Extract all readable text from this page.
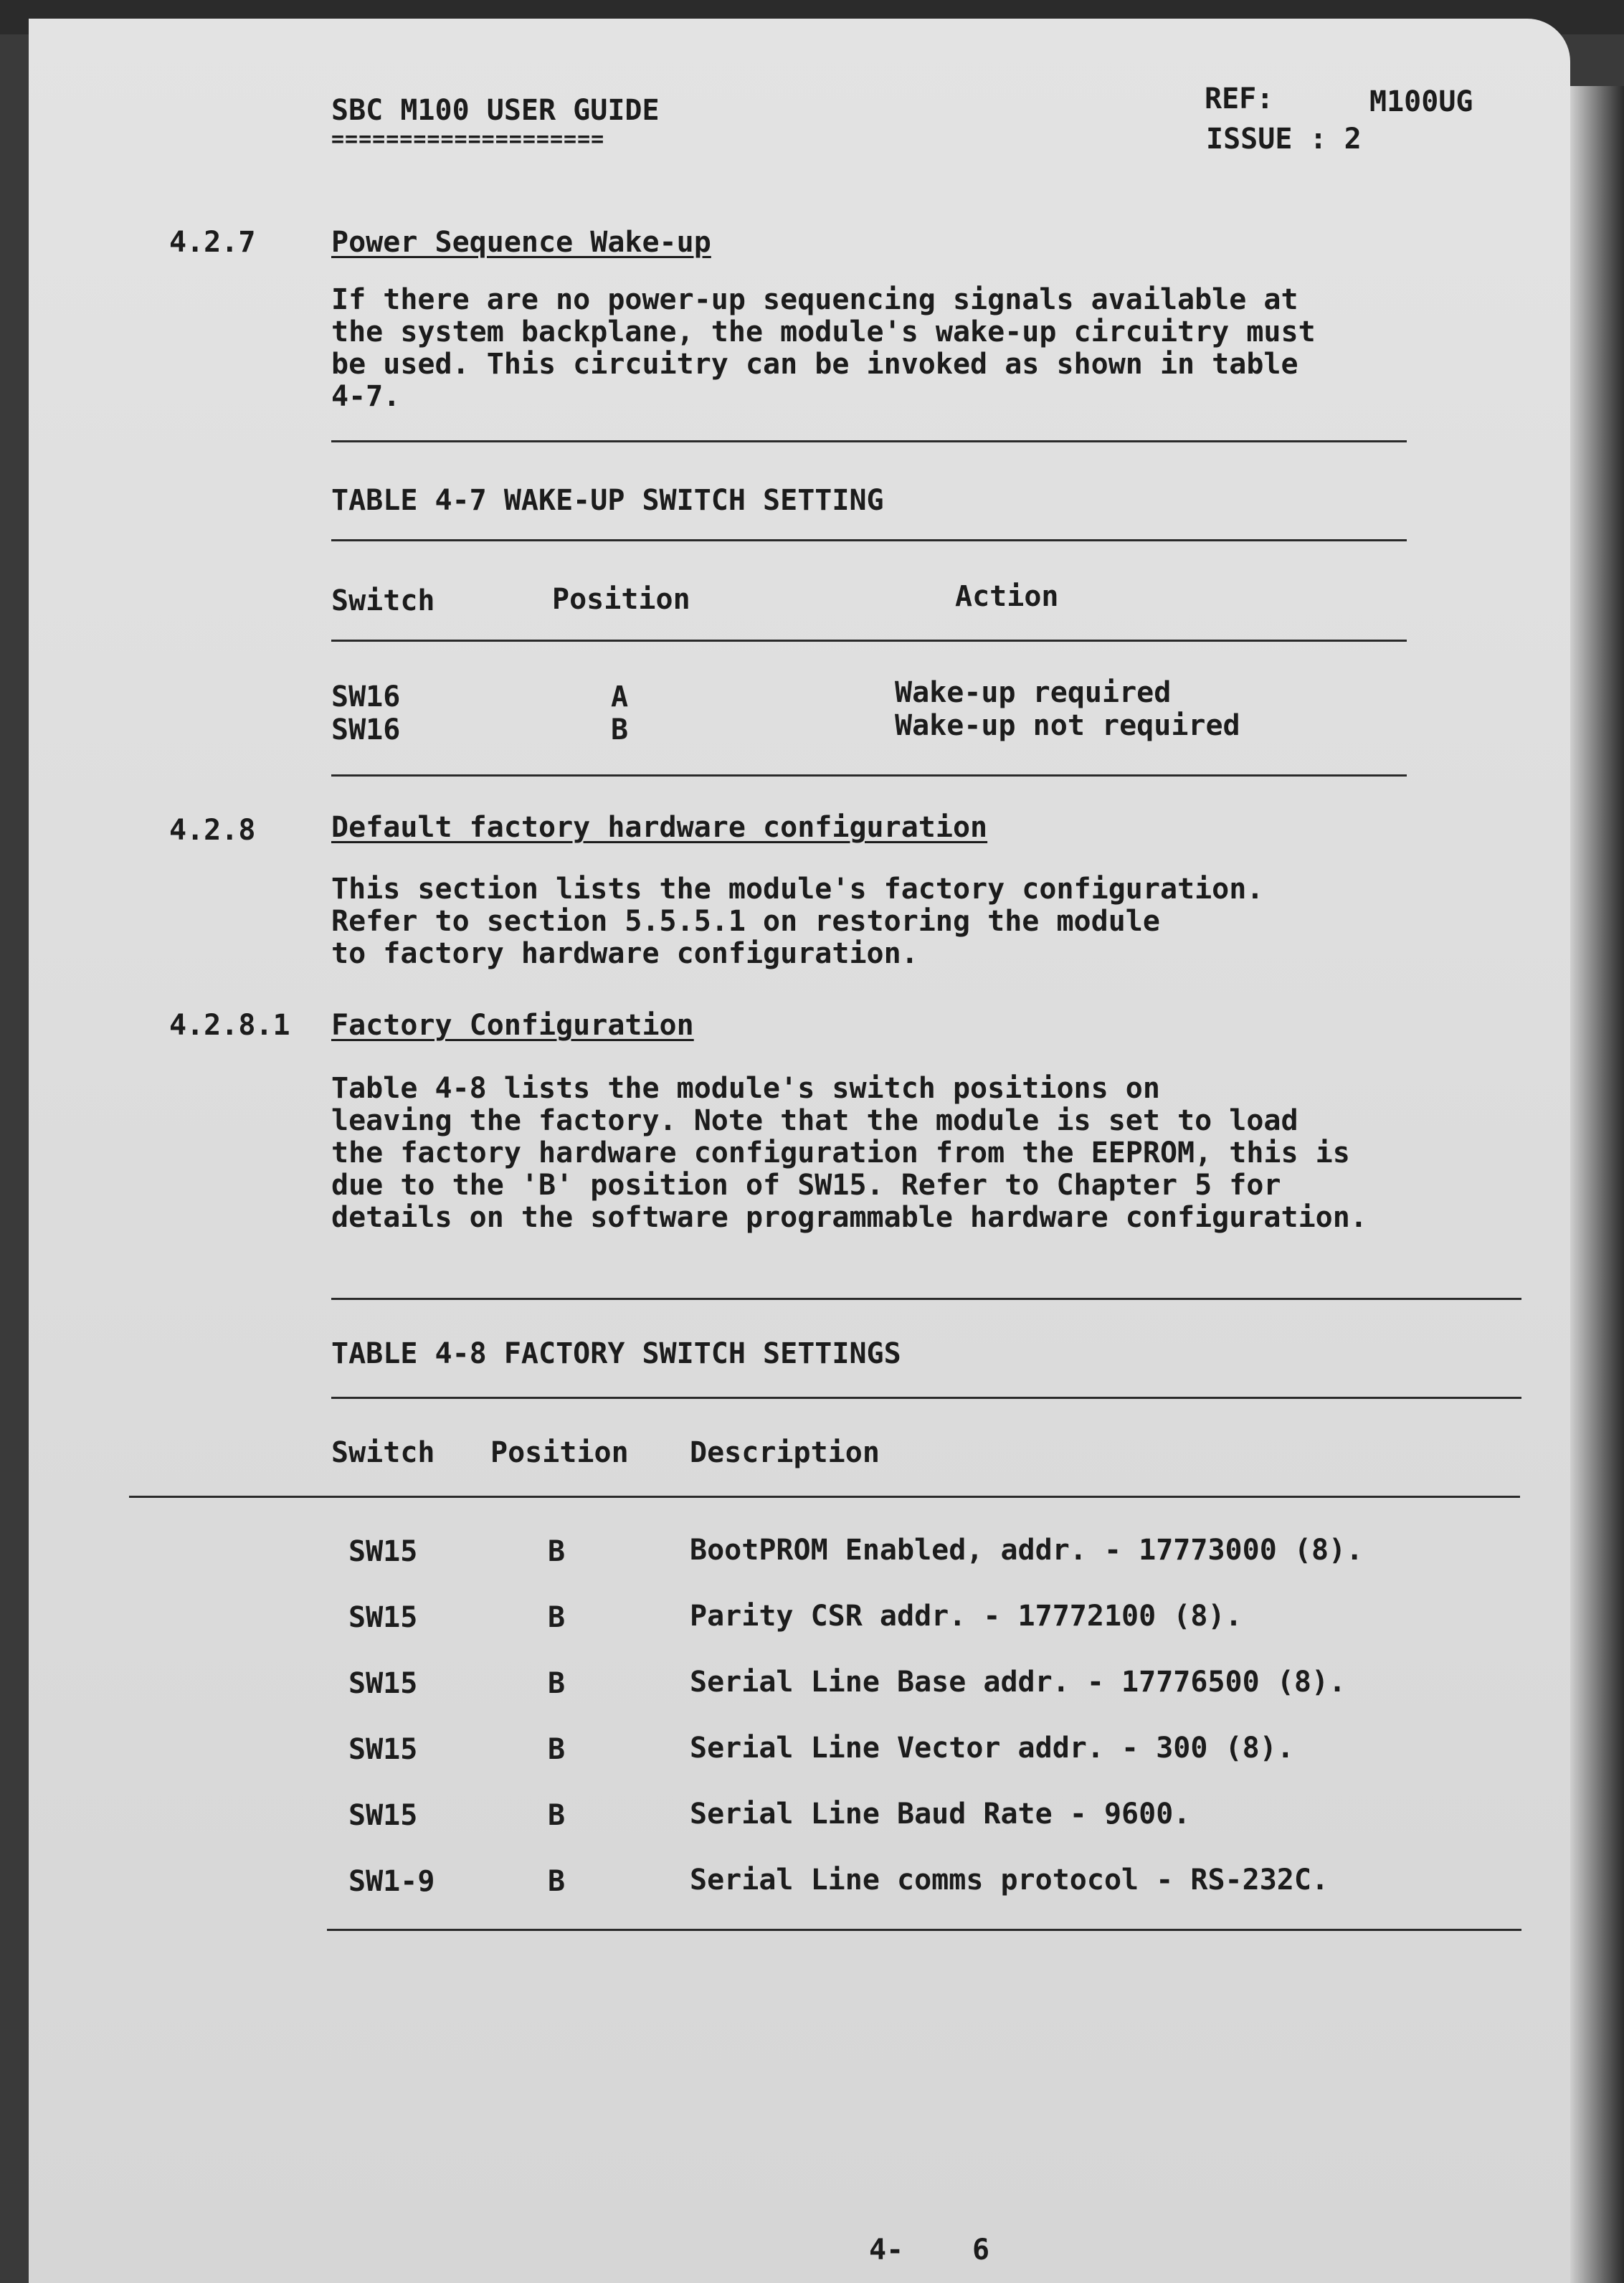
SBC M100 USER GUIDE
====================
REF:	M100UG
ISSUE : 2
4.2.7	Power Sequence Wake-up
If there are no power-up sequencing signals available at
the system backplane, the module's wake-up circuitry must
be used. This circuitry can be invoked as shown in table
4-7.
TABLE 4-7 WAKE-UP SWITCH SETTING
Switch	Position	Action
SW16	A	Wake-up required
SW16	B	Wake-up not required
4.2.8	Default factory hardware configuration
This section lists the module's factory configuration.
Refer to section 5.5.5.1 on restoring the module
to factory hardware configuration.
4.2.8.1 Factory Configuration
Table 4-8 lists the module's switch positions on
leaving the factory. Note that the module is set to load
the factory hardware configuration from the EEPROM, this is
due to the 'B' position of SW15. Refer to Chapter 5 for
details on the software programmable hardware configuration.
TABLE 4-8 FACTORY SWITCH SETTINGS
Switch Position Description
SW15	B	BootPROM Enabled, addr. - 17773000 (8).
SW15	B	Parity CSR addr. - 17772100 (8).
SW15	B	Serial Line Base addr. - 17776500 (8).
SW15	B	Serial Line Vector addr. - 300 (8).
SW15	B	Serial Line Baud Rate - 9600.
SW1-9	B	Serial Line comms protocol - RS-232C.
4- 6
